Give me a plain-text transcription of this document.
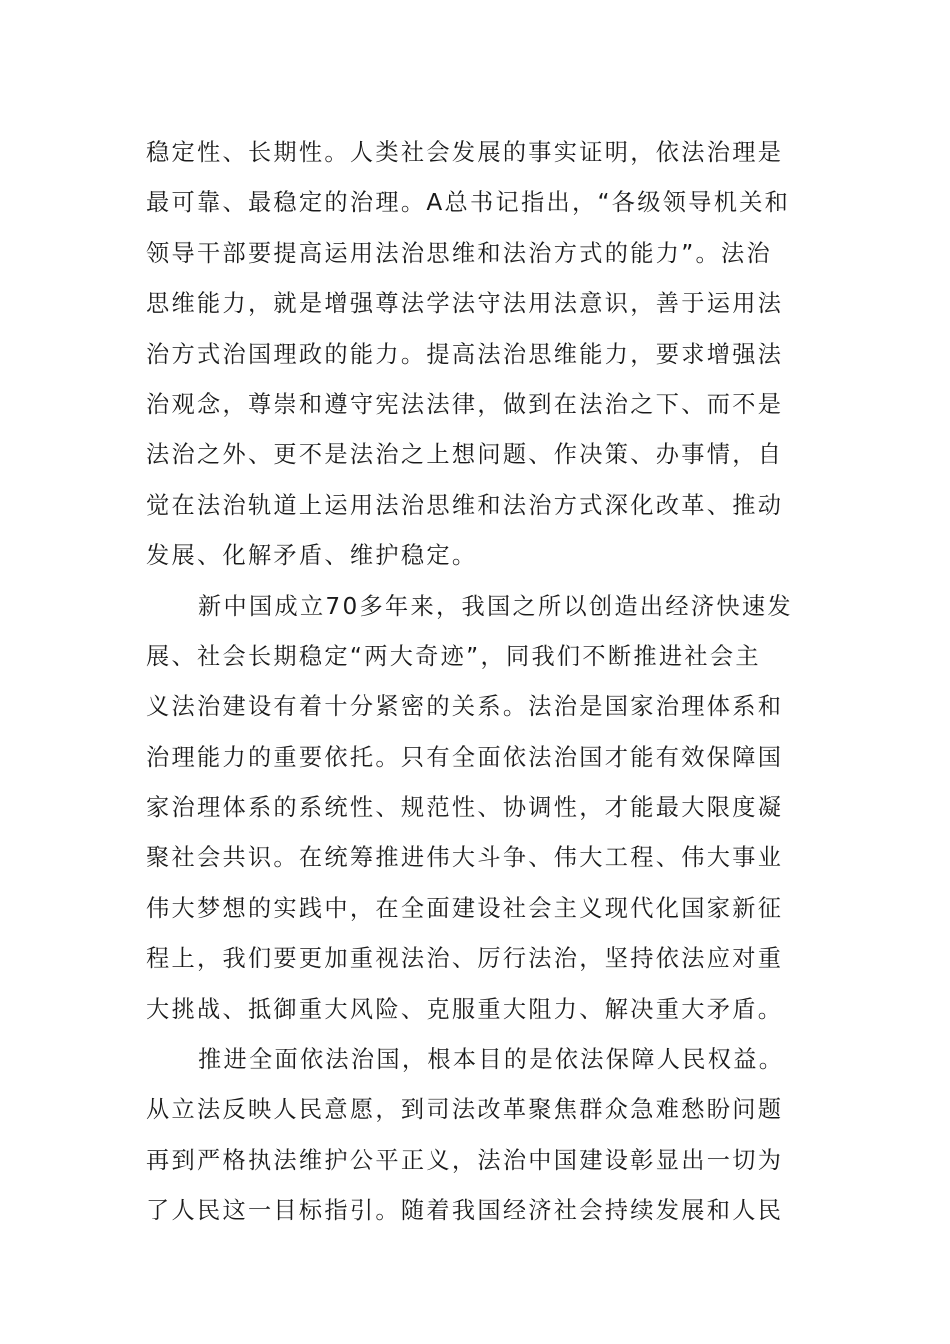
稳定性、长期性。人类社会发展的事实证明，依法治理是
最可靠、最稳定的治理。A总书记指出，“各级领导机关和
领导干部要提高运用法治思维和法治方式的能力”。法治
思维能力，就是增强尊法学法守法用法意识，善于运用法
治方式治国理政的能力。提高法治思维能力，要求增强法
治观念，尊崇和遵守宪法法律，做到在法治之下、而不是
法治之外、更不是法治之上想问题、作决策、办事情，自
觉在法治轨道上运用法治思维和法治方式深化改革、推动
发展、化解矛盾、维护稳定。
新中国成立70多年来，我国之所以创造出经济快速发
展、社会长期稳定“两大奇迹”，同我们不断推进社会主
义法治建设有着十分紧密的关系。法治是国家治理体系和
治理能力的重要依托。只有全面依法治国才能有效保障国
家治理体系的系统性、规范性、协调性，才能最大限度凝
聚社会共识。在统筹推进伟大斗争、伟大工程、伟大事业
伟大梦想的实践中，在全面建设社会主义现代化国家新征
程上，我们要更加重视法治、厉行法治，坚持依法应对重
大挑战、抵御重大风险、克服重大阻力、解决重大矛盾。
推进全面依法治国，根本目的是依法保障人民权益。
从立法反映人民意愿，到司法改革聚焦群众急难愁盼问题
再到严格执法维护公平正义，法治中国建设彰显出一切为
了人民这一目标指引。随着我国经济社会持续发展和人民
